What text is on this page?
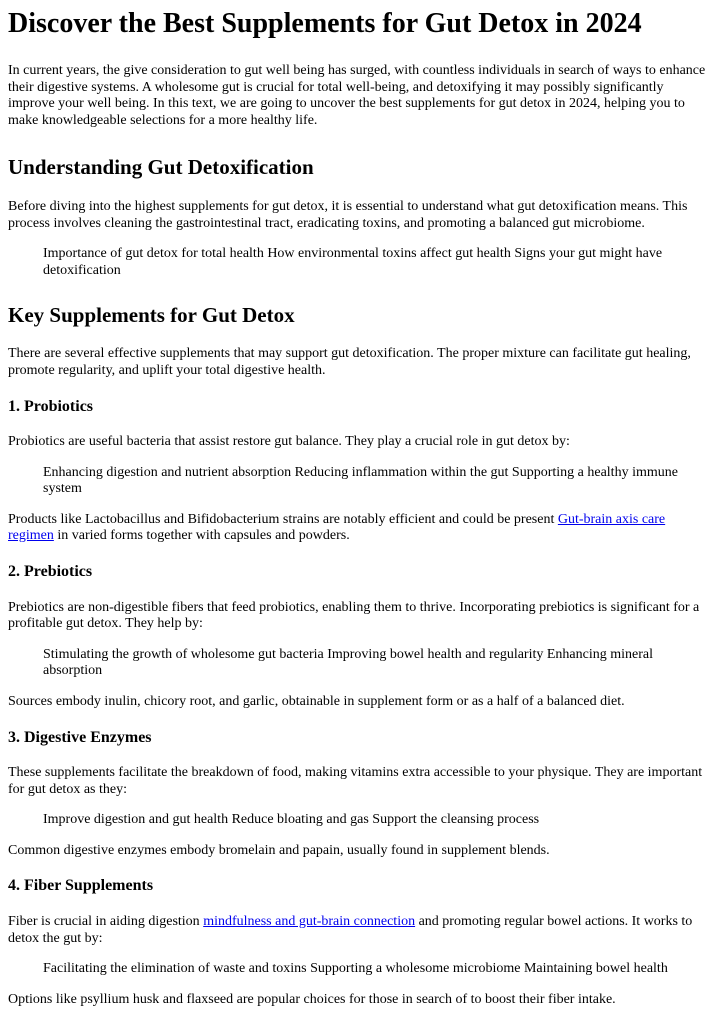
Discover the Best Supplements for Gut Detox in 2024

In current years, the give consideration to gut well being has surged, with countless individuals in search of ways to enhance their digestive systems. A wholesome gut is crucial for total well-being, and detoxifying it may possibly significantly improve your well being. In this text, we are going to uncover the best supplements for gut detox in 2024, helping you to make knowledgeable selections for a more healthy life.

Understanding Gut Detoxification

Before diving into the highest supplements for gut detox, it is essential to understand what gut detoxification means. This process involves cleaning the gastrointestinal tract, eradicating toxins, and promoting a balanced gut microbiome.

Importance of gut detox for total health How environmental toxins affect gut health Signs your gut might have detoxification
Key Supplements for Gut Detox

There are several effective supplements that may support gut detoxification. The proper mixture can facilitate gut healing, promote regularity, and uplift your total digestive health.

1. Probiotics

Probiotics are useful bacteria that assist restore gut balance. They play a crucial role in gut detox by:

Enhancing digestion and nutrient absorption Reducing inflammation within the gut Supporting a healthy immune system

Products like Lactobacillus and Bifidobacterium strains are notably efficient and could be present Gut-brain axis care regimen in varied forms together with capsules and powders.

2. Prebiotics

Prebiotics are non-digestible fibers that feed probiotics, enabling them to thrive. Incorporating prebiotics is significant for a profitable gut detox. They help by:

Stimulating the growth of wholesome gut bacteria Improving bowel health and regularity Enhancing mineral absorption

Sources embody inulin, chicory root, and garlic, obtainable in supplement form or as a half of a balanced diet.

3. Digestive Enzymes

These supplements facilitate the breakdown of food, making vitamins extra accessible to your physique. They are important for gut detox as they:

Improve digestion and gut health Reduce bloating and gas Support the cleansing process

Common digestive enzymes embody bromelain and papain, usually found in supplement blends.

4. Fiber Supplements

Fiber is crucial in aiding digestion mindfulness and gut-brain connection and promoting regular bowel actions. It works to detox the gut by:

Facilitating the elimination of waste and toxins Supporting a wholesome microbiome Maintaining bowel health

Options like psyllium husk and flaxseed are popular choices for those in search of to boost their fiber intake.
